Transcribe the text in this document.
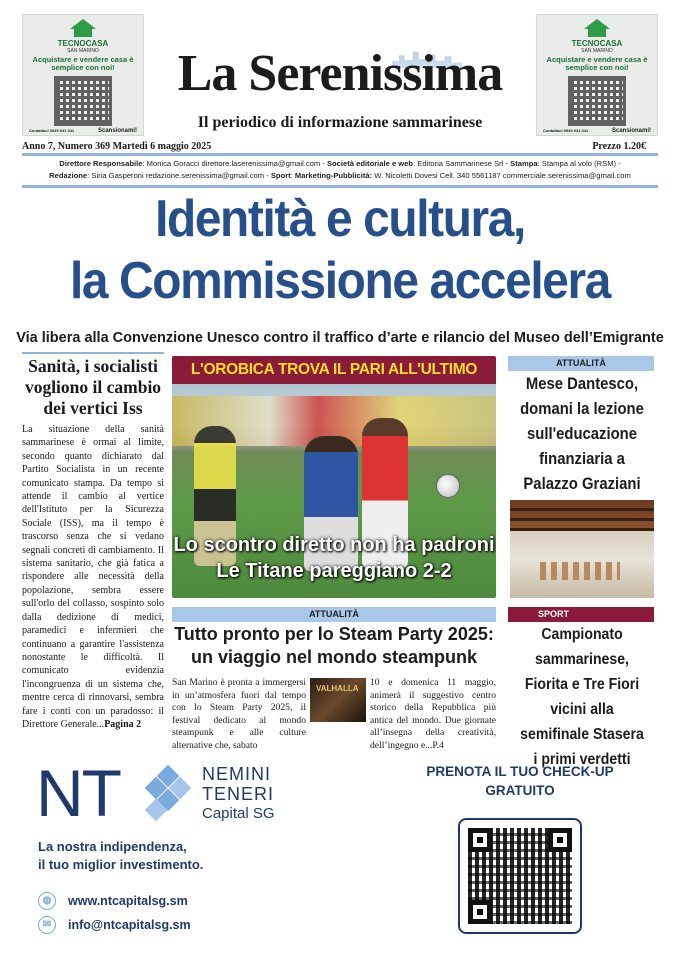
TECNOCASA
SAN MARINO
Acquistare e vendere casa è semplice con noi!
Contattaci 0549 941 041	Scansionami!
TECNOCASA
SAN MARINO
Acquistare e vendere casa è semplice con noi!
Contattaci 0549 941 041	Scansionami!
La Serenissima
Il periodico di informazione sammarinese
Anno 7, Numero 369 Martedì 6 maggio 2025	Prezzo 1.20€
Direttore Responsabile: Monica Goracci direttore.laserenissima@gmail.com - Società editoriale e web: Editoria Sammarinese Srl - Stampa: Stampa al volo (RSM) -
Redazione: Siria Gasperoni redazione.serenissima@gmail.com - Sport: Marketing-Pubblicità: W. Nicoletti Dovesi Cell. 340 5561187 commerciale.serenissima@gmail.com
Identità e cultura,
la Commissione accelera
Via libera alla Convenzione Unesco contro il traffico d’arte e rilancio del Museo dell’Emigrante
Sanità, i socialisti vogliono il cambio dei vertici Iss
La situazione della sanità sammarinese è ormai al limite, secondo quanto dichiarato dal Partito Socialista in un recente comunicato stampa. Da tempo si attende il cambio al vertice dell'Istituto per la Sicurezza Sociale (ISS), ma il tempo è trascorso senza che si vedano segnali concreti di cambiamento. Il sistema sanitario, che già fatica a rispondere alle necessità della popolazione, sembra essere sull'orlo del collasso, sospinto solo dalla dedizione di medici, paramedici e infermieri che continuano a garantire l'assistenza nonostante le difficoltà. Il comunicato evidenzia l'incongruenza di un sistema che, mentre cerca di rinnovarsi, sembra fare i conti con un paradosso: il Direttore Generale...Pagina 2
L'OROBICA TROVA IL PARI ALL'ULTIMO
Lo scontro diretto non ha padroni
Le Titane pareggiano 2-2
ATTUALITÀ
Tutto pronto per lo Steam Party 2025:
un viaggio nel mondo steampunk
San Marino è pronta a immergersi in un’atmosfera fuori dal tempo con lo Steam Party 2025, il festival dedicato al mondo steampunk e alle culture alternative che, sabato
VALHALLA
10 e domenica 11 maggio, animerà il suggestivo centro storico della Repubblica più antica del mondo. Due giornate all’insegna della creatività, dell’ingegno e...P.4
ATTUALITÀ
Mese Dantesco, domani la lezione sull'educazione finanziaria a Palazzo Graziani
SPORT
Campionato sammarinese, Fiorita e Tre Fiori vicini alla semifinale Stasera i primi verdetti
NT	NEMINI
TENERI
Capital SG
La nostra indipendenza,
il tuo miglior investimento.
◍	www.ntcapitalsg.sm
✉	info@ntcapitalsg.sm
PRENOTA IL TUO CHECK-UP
GRATUITO
